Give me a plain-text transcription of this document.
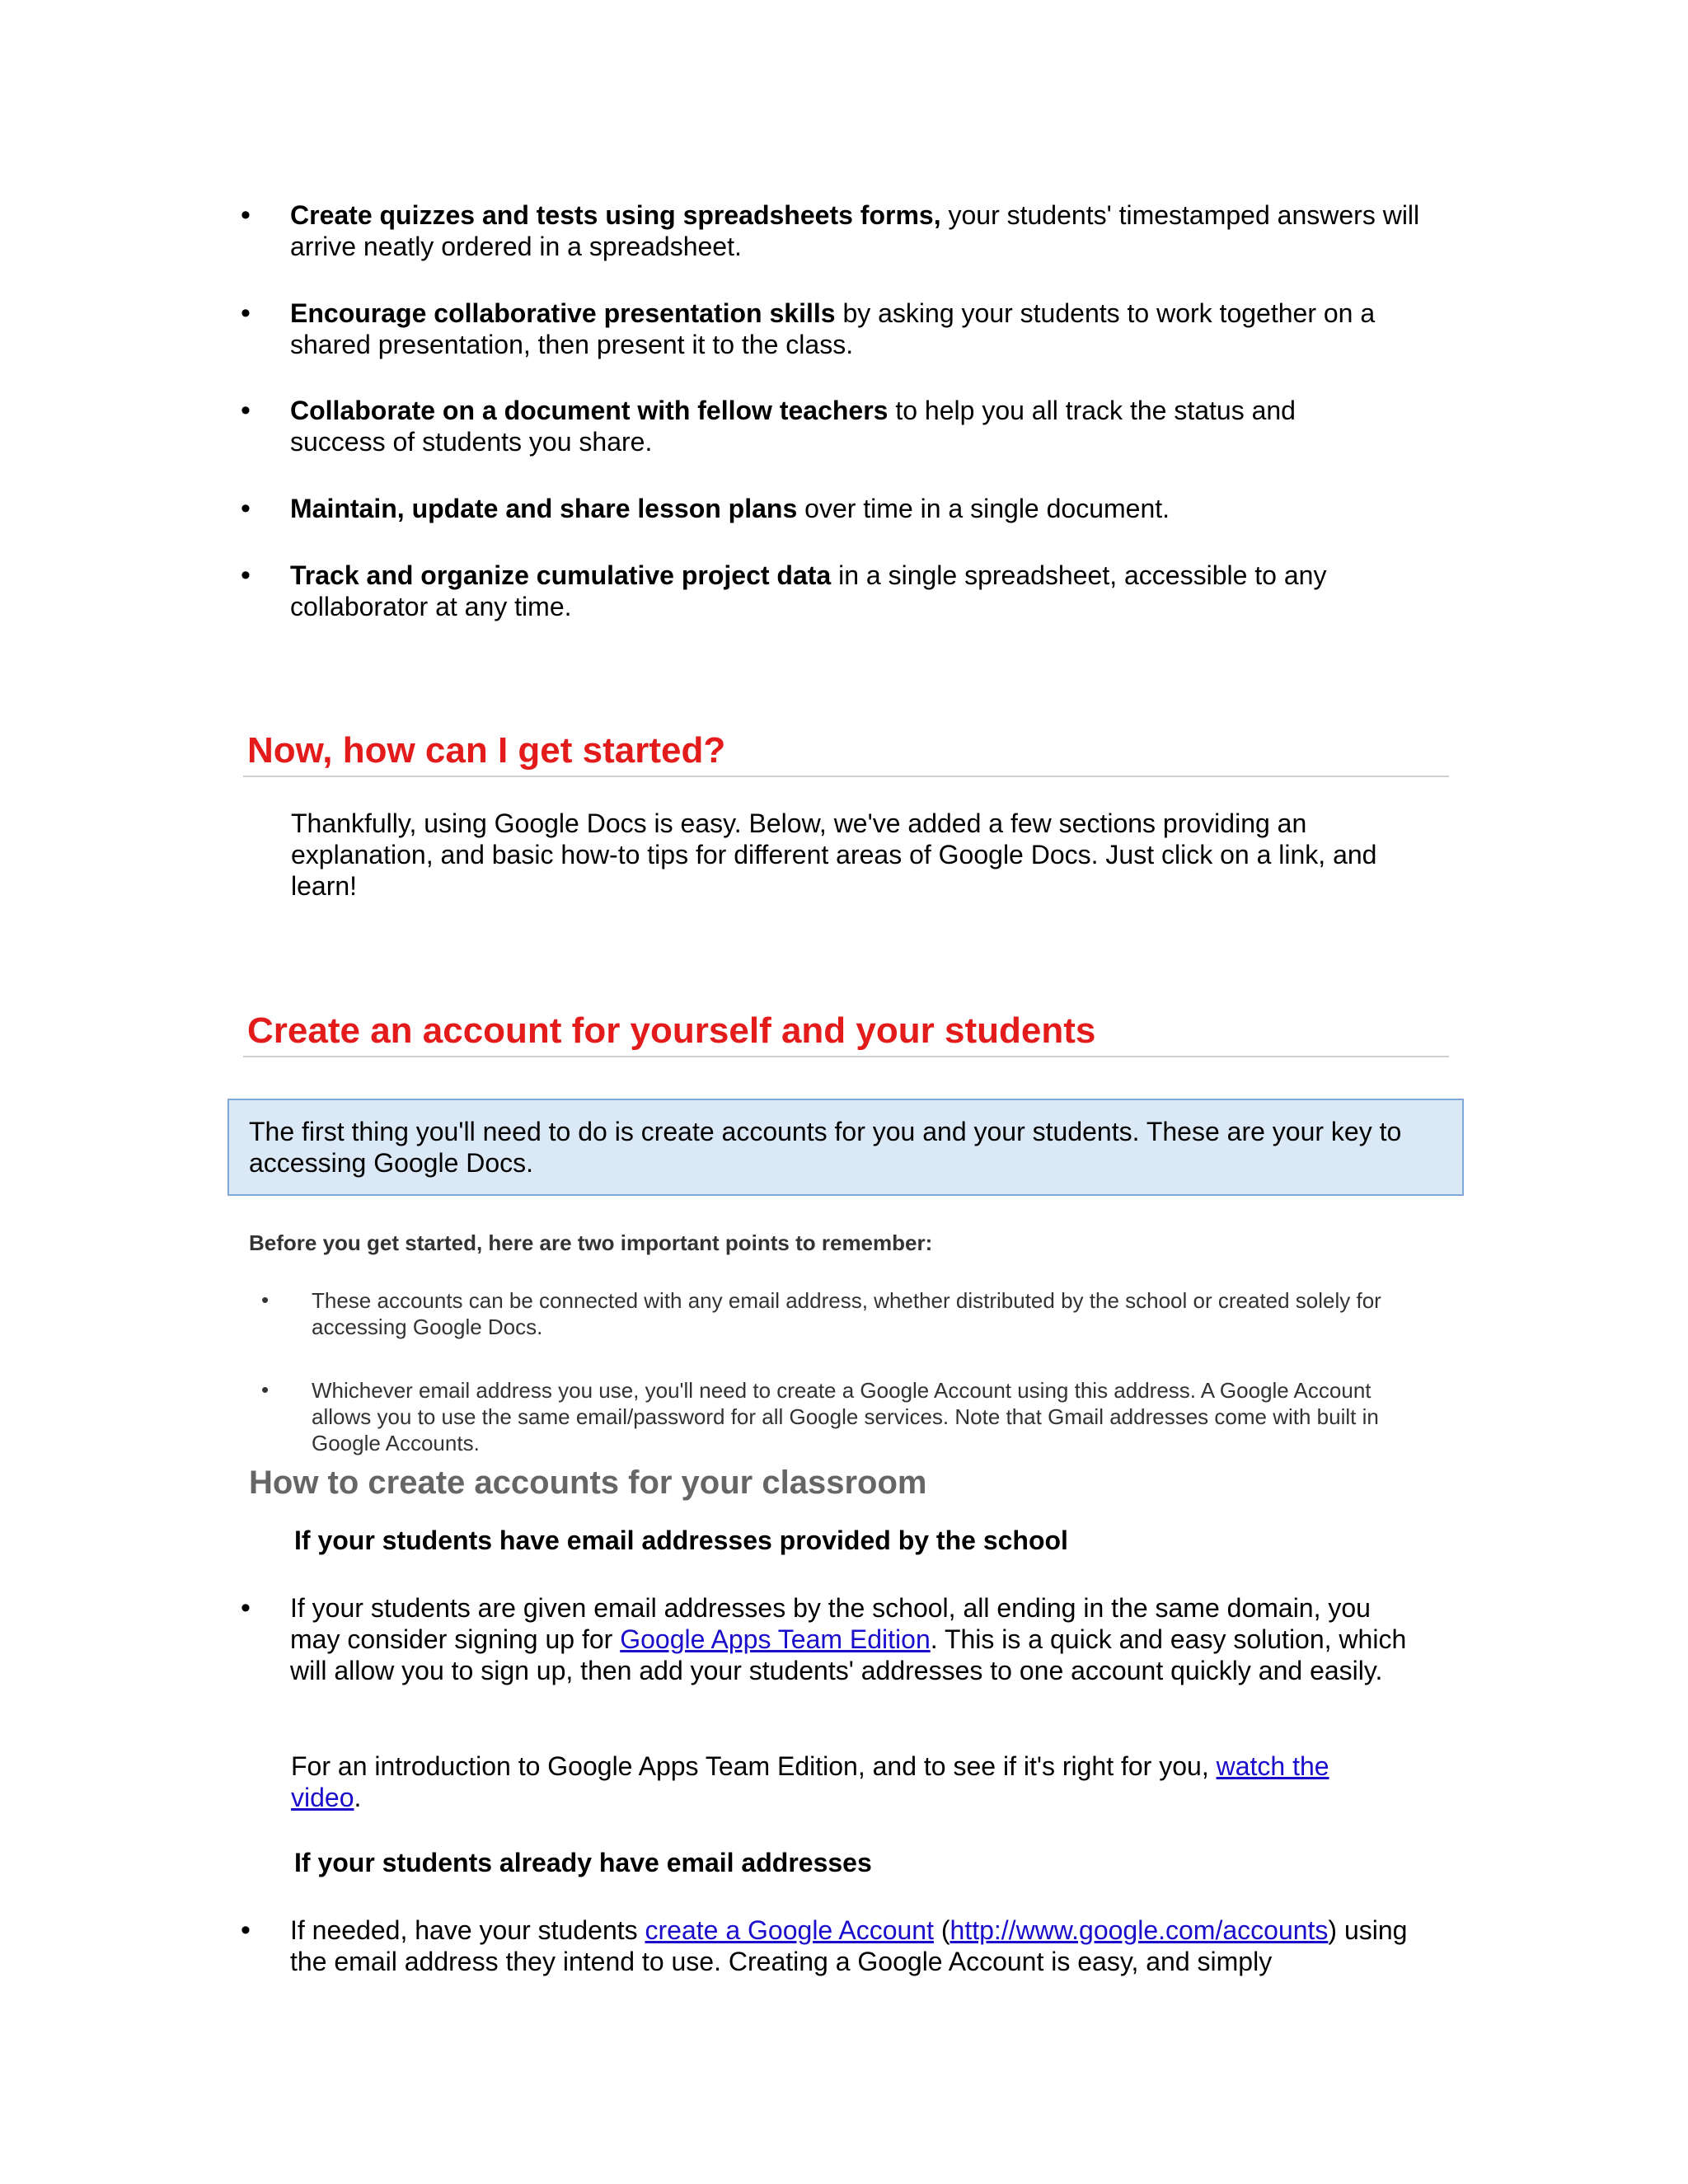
• Create quizzes and tests using spreadsheets forms, your students' timestamped answers will arrive neatly ordered in a spreadsheet.

• Encourage collaborative presentation skills by asking your students to work together on a shared presentation, then present it to the class.

• Collaborate on a document with fellow teachers to help you all track the status and success of students you share.

• Maintain, update and share lesson plans over time in a single document.

• Track and organize cumulative project data in a single spreadsheet, accessible to any collaborator at any time.

Now, how can I get started?

Thankfully, using Google Docs is easy. Below, we've added a few sections providing an explanation, and basic how-to tips for different areas of Google Docs. Just click on a link, and learn!

Create an account for yourself and your students

The first thing you'll need to do is create accounts for you and your students. These are your key to accessing Google Docs.

Before you get started, here are two important points to remember:

• These accounts can be connected with any email address, whether distributed by the school or created solely for accessing Google Docs.

• Whichever email address you use, you'll need to create a Google Account using this address. A Google Account allows you to use the same email/password for all Google services. Note that Gmail addresses come with built in Google Accounts.

How to create accounts for your classroom

If your students have email addresses provided by the school

• If your students are given email addresses by the school, all ending in the same domain, you may consider signing up for Google Apps Team Edition. This is a quick and easy solution, which will allow you to sign up, then add your students' addresses to one account quickly and easily.

For an introduction to Google Apps Team Edition, and to see if it's right for you, watch the video.

If your students already have email addresses

• If needed, have your students create a Google Account (http://www.google.com/accounts) using the email address they intend to use. Creating a Google Account is easy, and simply
